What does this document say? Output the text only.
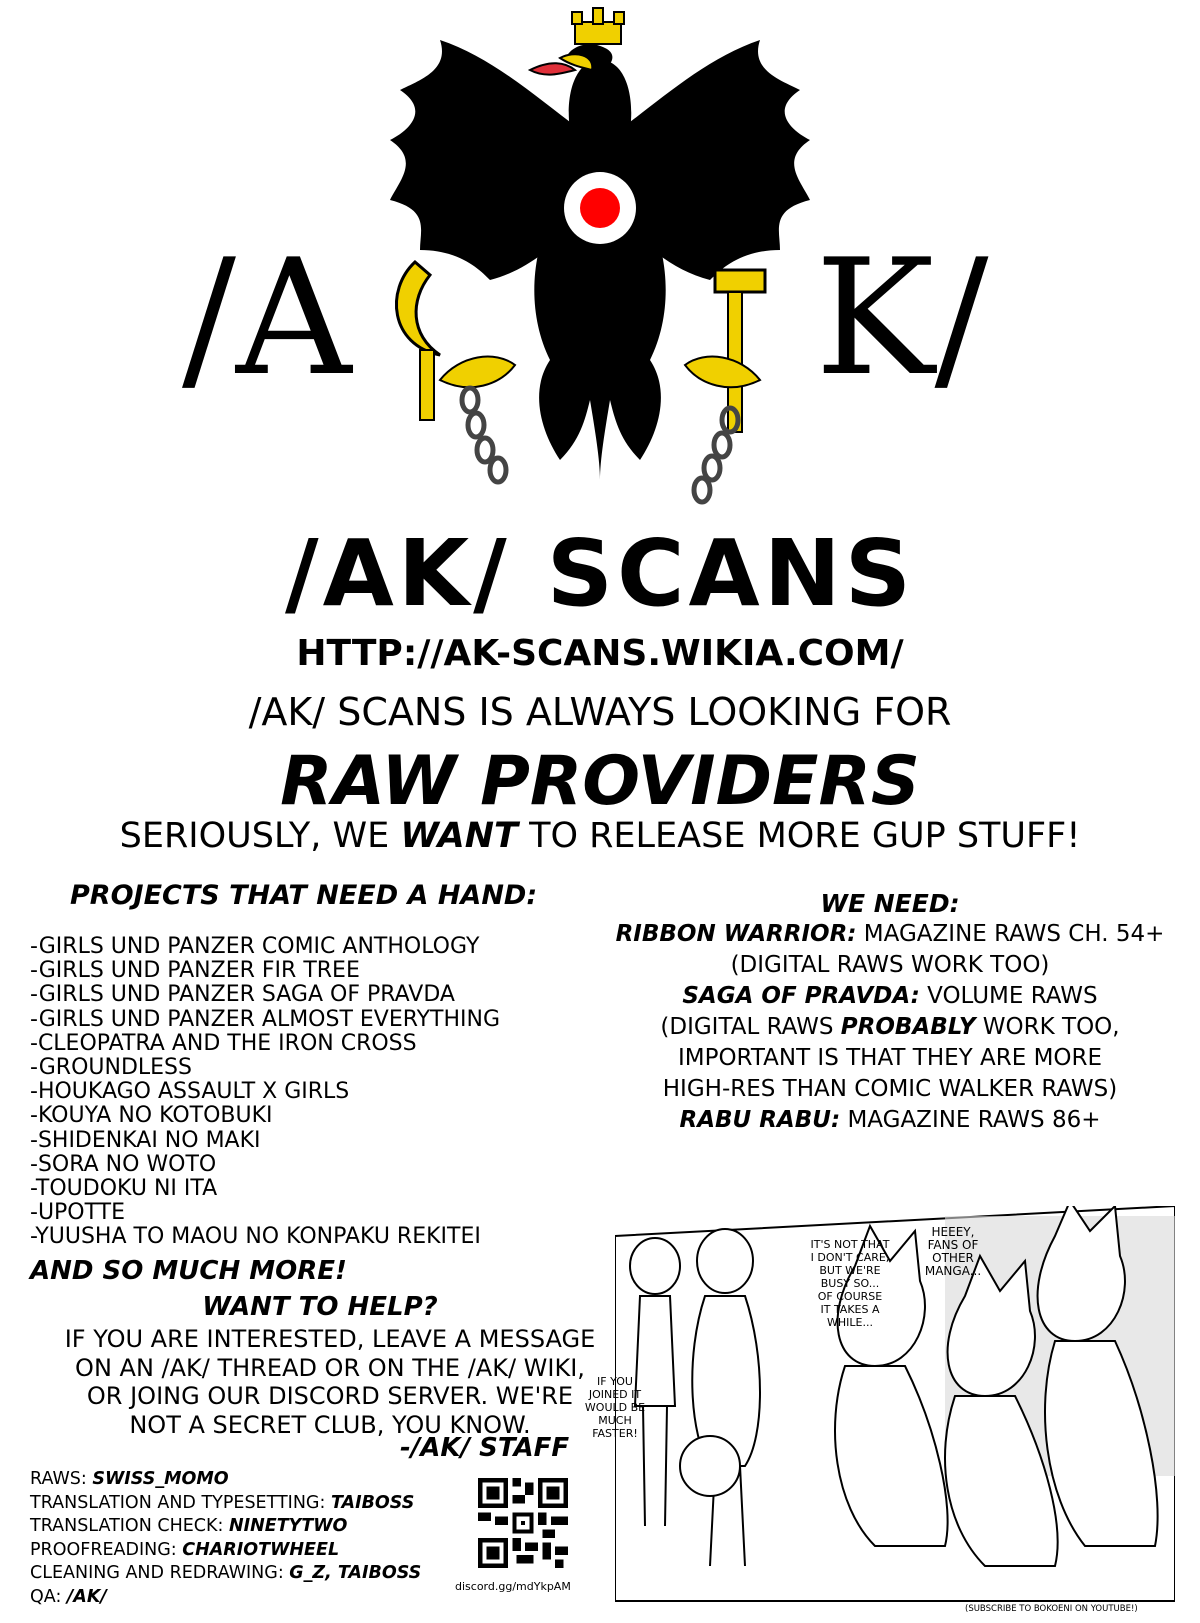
/A	K/
/AK/ SCANS
HTTP://AK-SCANS.WIKIA.COM/
/AK/ SCANS IS ALWAYS LOOKING FOR
RAW PROVIDERS
SERIOUSLY, WE WANT TO RELEASE MORE GUP STUFF!
PROJECTS THAT NEED A HAND:
-GIRLS UND PANZER COMIC ANTHOLOGY
-GIRLS UND PANZER FIR TREE
-GIRLS UND PANZER SAGA OF PRAVDA
-GIRLS UND PANZER ALMOST EVERYTHING
-CLEOPATRA AND THE IRON CROSS
-GROUNDLESS
-HOUKAGO ASSAULT X GIRLS
-KOUYA NO KOTOBUKI
-SHIDENKAI NO MAKI
-SORA NO WOTO
-TOUDOKU NI ITA
-UPOTTE
-YUUSHA TO MAOU NO KONPAKU REKITEI
AND SO MUCH MORE!
WE NEED:
RIBBON WARRIOR: MAGAZINE RAWS CH. 54+
(DIGITAL RAWS WORK TOO)
SAGA OF PRAVDA: VOLUME RAWS
(DIGITAL RAWS PROBABLY WORK TOO,
IMPORTANT IS THAT THEY ARE MORE
HIGH-RES THAN COMIC WALKER RAWS)
RABU RABU: MAGAZINE RAWS 86+
WANT TO HELP?
IF YOU ARE INTERESTED, LEAVE A MESSAGE
ON AN /AK/ THREAD OR ON THE /AK/ WIKI,
OR JOING OUR DISCORD SERVER. WE'RE
NOT A SECRET CLUB, YOU KNOW.
-/AK/ STAFF
RAWS: SWISS_MOMO
TRANSLATION AND TYPESETTING: TAIBOSS
TRANSLATION CHECK: NINETYTWO
PROOFREADING: CHARIOTWHEEL
CLEANING AND REDRAWING: G_Z, TAIBOSS
QA: /AK/	discord.gg/mdYkpAM
IT'S NOT THAT
I DON'T CARE,
BUT WE'RE
BUSY SO...
OF COURSE
IT TAKES A
WHILE...
HEEEY,
FANS OF
OTHER
MANGA...
IF YOU
JOINED IT
WOULD BE
MUCH
FASTER!
(SUBSCRIBE TO BOKOENI ON YOUTUBE!)
